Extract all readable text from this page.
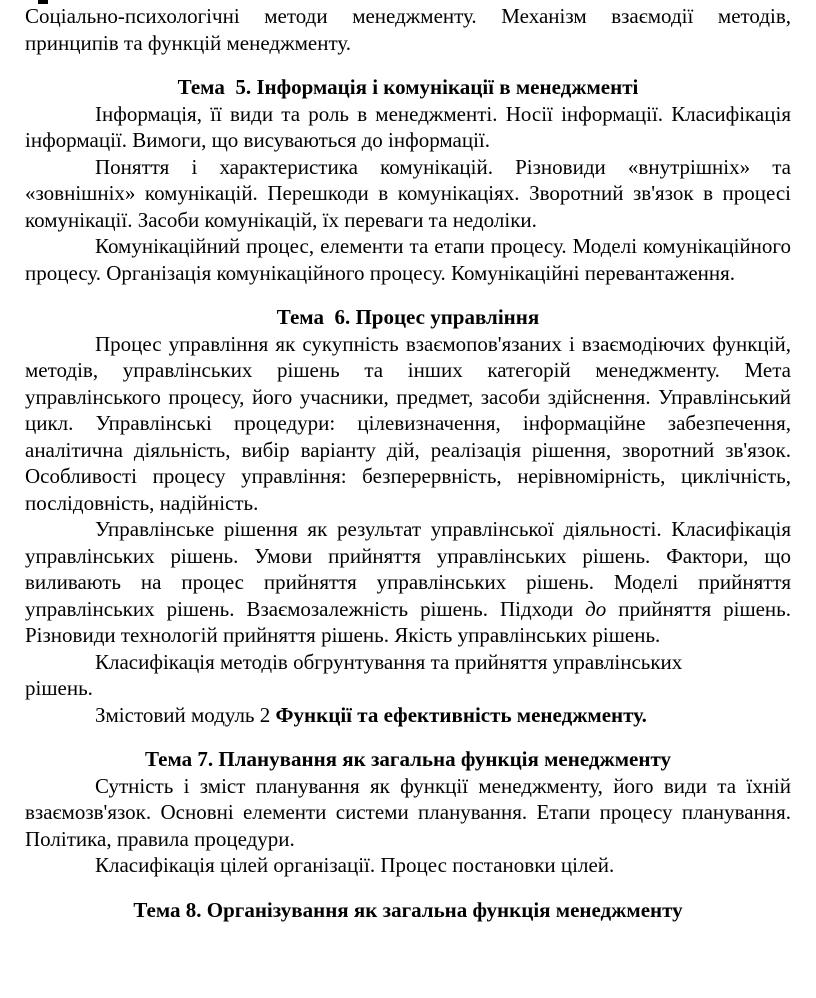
Соціально-психологічні методи менеджменту. Механізм взаємодії методів, принципів та функцій менеджменту.

Тема  5. Інформація і комунікації в менеджменті

Інформація, її види та роль в менеджменті. Носії інформації. Класифікація інформації. Вимоги, що висуваються до інформації.

Поняття і характеристика комунікацій. Різновиди «внутрішніх» та «зовнішніх» комунікацій. Перешкоди в комунікаціях. Зворотний зв'язок в процесі комунікації. Засоби комунікацій, їх переваги та недоліки.

Комунікаційний процес, елементи та етапи процесу. Моделі комунікаційного процесу. Організація комунікаційного процесу. Комунікаційні перевантаження.

Тема  6. Процес управління

Процес управління як сукупність взаємопов'язаних і взаємодіючих функцій, методів, управлінських рішень та інших категорій менеджменту. Мета управлінського процесу, його учасники, предмет, засоби здійснення. Управлінський цикл. Управлінські процедури: цілевизначення, інформаційне забезпечення, аналітична діяльність, вибір варіанту дій, реалізація рішення, зворотний зв'язок. Особливості процесу управління: безперервність, нерівномірність, циклічність, послідовність, надійність.

Управлінське рішення як результат управлінської діяльності. Класифікація управлінських рішень. Умови прийняття управлінських рішень. Фактори, що виливають на процес прийняття управлінських рішень. Моделі прийняття управлінських рішень. Взаємозалежність рішень. Підходи до прийняття рішень. Різновиди технологій прийняття рішень. Якість управлінських рішень.

Класифікація методів обгрунтування та прийняття управлінських рішень.

Змістовий модуль 2 Функції та ефективність менеджменту.

Тема 7. Планування як загальна функція менеджменту

Сутність і зміст планування як функції менеджменту, його види та їхній взаємозв'язок. Основні елементи системи планування. Етапи процесу планування. Політика, правила процедури.

Класифікація цілей організації. Процес постановки цілей.

Тема 8. Організування як загальна функція менеджменту
